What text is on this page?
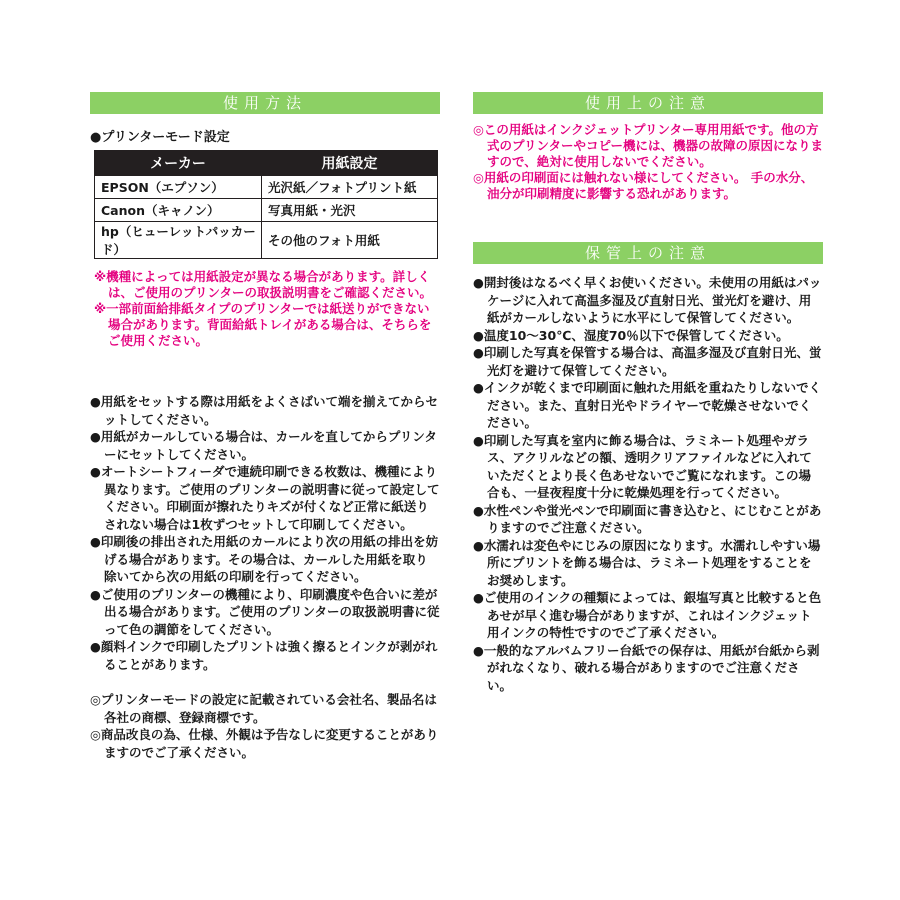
使用方法
●プリンターモード設定
メーカー	用紙設定
EPSON（エプソン）	光沢紙／フォトプリント紙
Canon（キャノン）	写真用紙・光沢
hp（ヒューレットパッカード）	その他のフォト用紙
※機種によっては用紙設定が異なる場合があります。詳しくは、ご使用のプリンターの取扱説明書をご確認ください。
※一部前面給排紙タイプのプリンターでは紙送りができない場合があります。背面給紙トレイがある場合は、そちらをご使用ください。
●用紙をセットする際は用紙をよくさばいて端を揃えてからセットしてください。
●用紙がカールしている場合は、カールを直してからプリンターにセットしてください。
●オートシートフィーダで連続印刷できる枚数は、機種により異なります。ご使用のプリンターの説明書に従って設定してください。印刷面が擦れたりキズが付くなど正常に紙送りされない場合は1枚ずつセットして印刷してください。
●印刷後の排出された用紙のカールにより次の用紙の排出を妨げる場合があります。その場合は、カールした用紙を取り除いてから次の用紙の印刷を行ってください。
●ご使用のプリンターの機種により、印刷濃度や色合いに差が出る場合があります。ご使用のプリンターの取扱説明書に従って色の調節をしてください。
●顔料インクで印刷したプリントは強く擦るとインクが剥がれることがあります。
◎プリンターモードの設定に記載されている会社名、製品名は各社の商標、登録商標です。
◎商品改良の為、仕様、外観は予告なしに変更することがありますのでご了承ください。
使用上の注意
◎この用紙はインクジェットプリンター専用用紙です。他の方式のプリンターやコピー機には、機器の故障の原因になりますので、絶対に使用しないでください。
◎用紙の印刷面には触れない様にしてください。 手の水分、油分が印刷精度に影響する恐れがあります。
保管上の注意
●開封後はなるべく早くお使いください。未使用の用紙はパッケージに入れて高温多湿及び直射日光、蛍光灯を避け、用紙がカールしないように水平にして保管してください。
●温度10～30℃、湿度70％以下で保管してください。
●印刷した写真を保管する場合は、高温多湿及び直射日光、蛍光灯を避けて保管してください。
●インクが乾くまで印刷面に触れた用紙を重ねたりしないでください。また、直射日光やドライヤーで乾燥させないでください。
●印刷した写真を室内に飾る場合は、ラミネート処理やガラス、アクリルなどの額、透明クリアファイルなどに入れていただくとより長く色あせないでご覧になれます。この場合も、一昼夜程度十分に乾燥処理を行ってください。
●水性ペンや蛍光ペンで印刷面に書き込むと、にじむことがありますのでご注意ください。
●水濡れは変色やにじみの原因になります。水濡れしやすい場所にプリントを飾る場合は、ラミネート処理をすることをお奨めします。
●ご使用のインクの種類によっては、銀塩写真と比較すると色あせが早く進む場合がありますが、これはインクジェット用インクの特性ですのでご了承ください。
●一般的なアルバムフリー台紙での保存は、用紙が台紙から剥がれなくなり、破れる場合がありますのでご注意ください。
